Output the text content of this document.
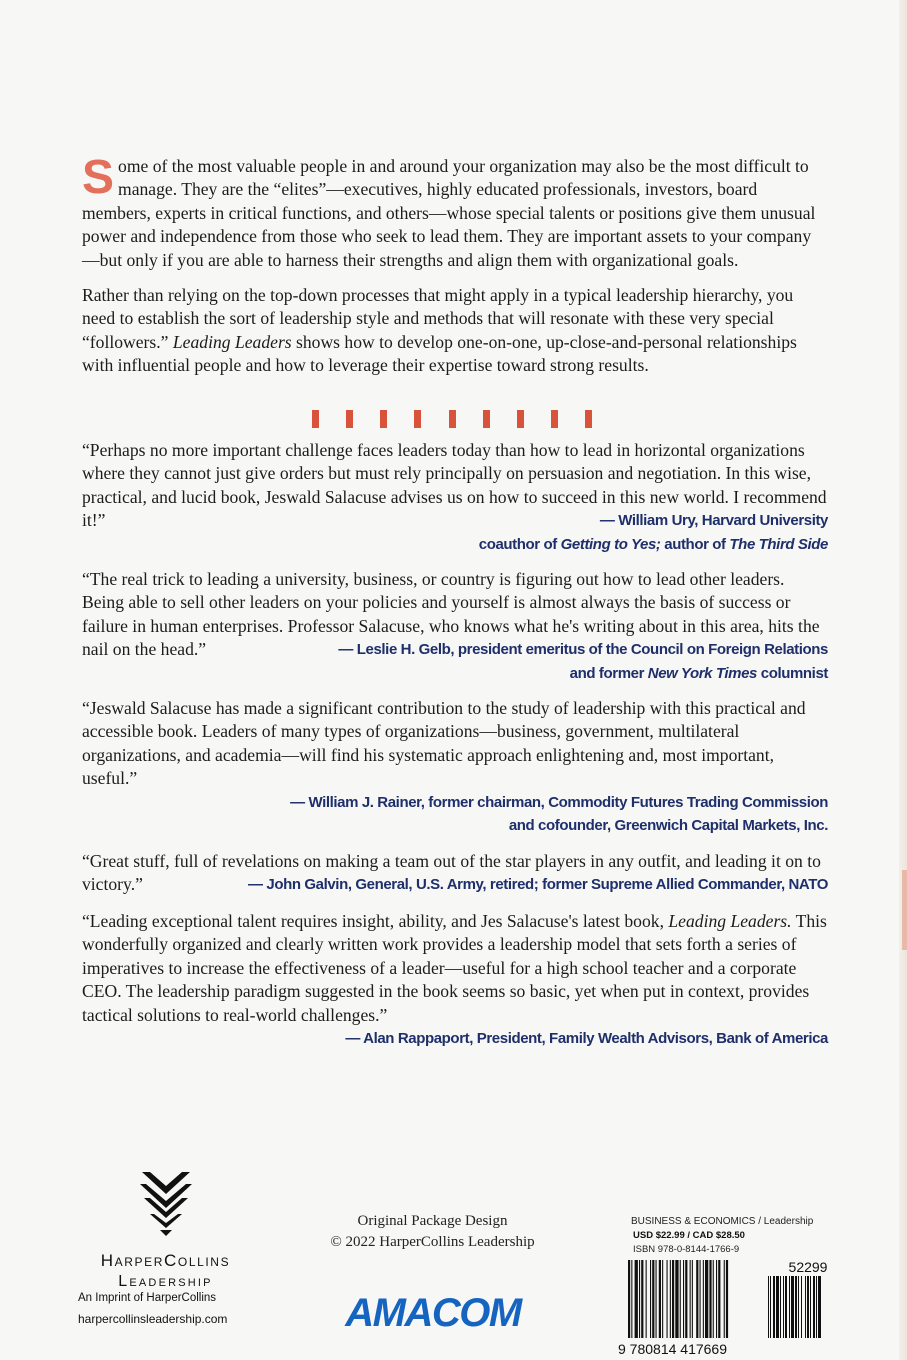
Some of the most valuable people in and around your organization may also be the most difficult to manage. They are the “elites”—executives, highly educated professionals, investors, board members, experts in critical functions, and others—whose special talents or positions give them unusual power and independence from those who seek to lead them. They are important assets to your company—but only if you are able to harness their strengths and align them with organizational goals.

Rather than relying on the top-down processes that might apply in a typical leadership hierarchy, you need to establish the sort of leadership style and methods that will resonate with these very special “followers.” Leading Leaders shows how to develop one-on-one, up-close-and-personal relationships with influential people and how to leverage their expertise toward strong results.

“Perhaps no more important challenge faces leaders today than how to lead in horizontal organizations where they cannot just give orders but must rely principally on persuasion and negotiation. In this wise, practical, and lucid book, Jeswald Salacuse advises us on how to succeed in this new world. I recommend it!”	— William Ury, Harvard University
coauthor of Getting to Yes; author of The Third Side

“The real trick to leading a university, business, or country is figuring out how to lead other leaders. Being able to sell other leaders on your policies and yourself is almost always the basis of success or failure in human enterprises. Professor Salacuse, who knows what he's writing about in this area, hits the nail on the head.”	— Leslie H. Gelb, president emeritus of the Council on Foreign Relations

and former New York Times columnist

“Jeswald Salacuse has made a significant contribution to the study of leadership with this practical and accessible book. Leaders of many types of organizations—business, government, multilateral organizations, and academia—will find his systematic approach enlightening and, most important, useful.”

— William J. Rainer, former chairman, Commodity Futures Trading Commission
and cofounder, Greenwich Capital Markets, Inc.

“Great stuff, full of revelations on making a team out of the star players in any outfit, and leading it on to victory.”	— John Galvin, General, U.S. Army, retired; former Supreme Allied Commander, NATO

“Leading exceptional talent requires insight, ability, and Jes Salacuse's latest book, Leading Leaders. This wonderfully organized and clearly written work provides a leadership model that sets forth a series of imperatives to increase the effectiveness of a leader—useful for a high school teacher and a corporate CEO. The leadership paradigm suggested in the book seems so basic, yet when put in context, provides tactical solutions to real-world challenges.”

— Alan Rappaport, President, Family Wealth Advisors, Bank of America
HarperCollins
Leadership
An Imprint of HarperCollins
harpercollinsleadership.com
Original Package Design
© 2022 HarperCollins Leadership
AMACOM
BUSINESS & ECONOMICS / Leadership
USD $22.99 / CAD $28.50
ISBN 978-0-8144-1766-9
9 780814 417669
52299
